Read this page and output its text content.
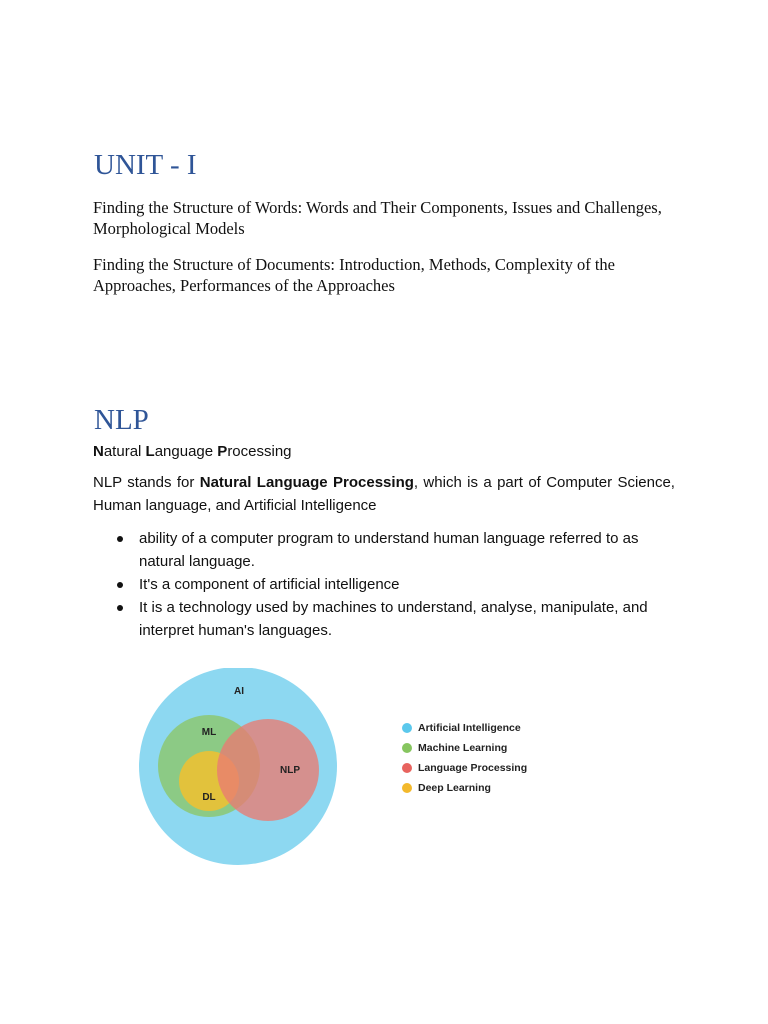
UNIT - I

Finding the Structure of Words: Words and Their Components, Issues and Challenges, Morphological Models

Finding the Structure of Documents: Introduction, Methods, Complexity of the Approaches, Performances of the Approaches

NLP

Natural Language Processing

NLP stands for Natural Language Processing, which is a part of Computer Science, Human language, and Artificial Intelligence

ability of a computer program to understand human language referred to as natural language.
It's a component of artificial intelligence
It is a technology used by machines to understand, analyse, manipulate, and interpret human's languages.
AI
ML
DL
NLP
Artificial Intelligence
Machine Learning
Language Processing
Deep Learning
